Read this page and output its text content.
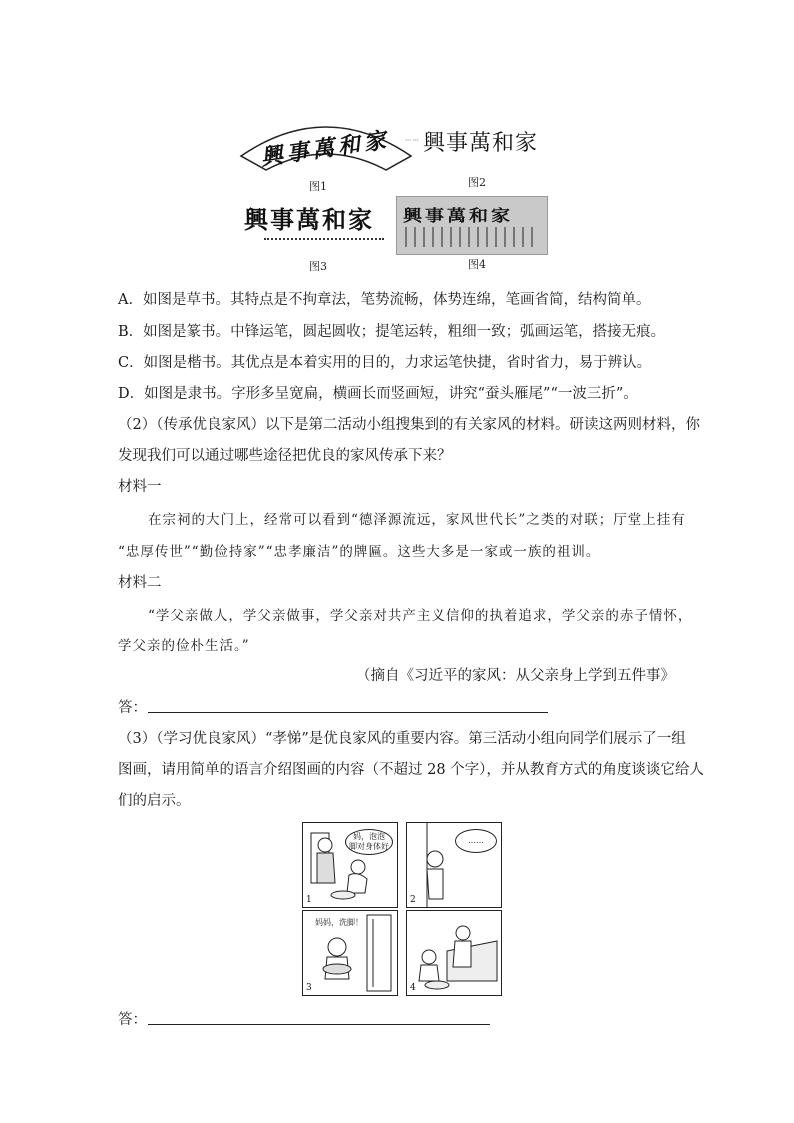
興事萬和家
图1
⋯ ⋯ 興事萬和家
图2
興事萬和家
图3
興事萬和家
图4
A．如图是草书。其特点是不拘章法，笔势流畅，体势连绵，笔画省简，结构简单。
B．如图是篆书。中锋运笔，圆起圆收；提笔运转，粗细一致；弧画运笔，搭接无痕。
C．如图是楷书。其优点是本着实用的目的，力求运笔快捷，省时省力，易于辨认。
D．如图是隶书。字形多呈宽扁，横画长而竖画短，讲究“蚕头雁尾”“一波三折”。
（2）（传承优良家风）以下是第二活动小组搜集到的有关家风的材料。研读这两则材料，你
发现我们可以通过哪些途径把优良的家风传承下来？
材料一
在宗祠的大门上，经常可以看到“德泽源流远，家风世代长”之类的对联；厅堂上挂有
“忠厚传世”“勤俭持家”“忠孝廉洁”的牌匾。这些大多是一家或一族的祖训。
材料二
“学父亲做人，学父亲做事，学父亲对共产主义信仰的执着追求，学父亲的赤子情怀，
学父亲的俭朴生活。”
（摘自《习近平的家风：从父亲身上学到五件事》
答：
（3）（学习优良家风）“孝悌”是优良家风的重要内容。第三活动小组向同学们展示了一组
图画，请用简单的语言介绍图画的内容（不超过 28 个字），并从教育方式的角度谈谈它给人
们的启示。
妈，泡泡
脚对身体好
1
……
2
妈妈，洗脚！
3	4
答：
